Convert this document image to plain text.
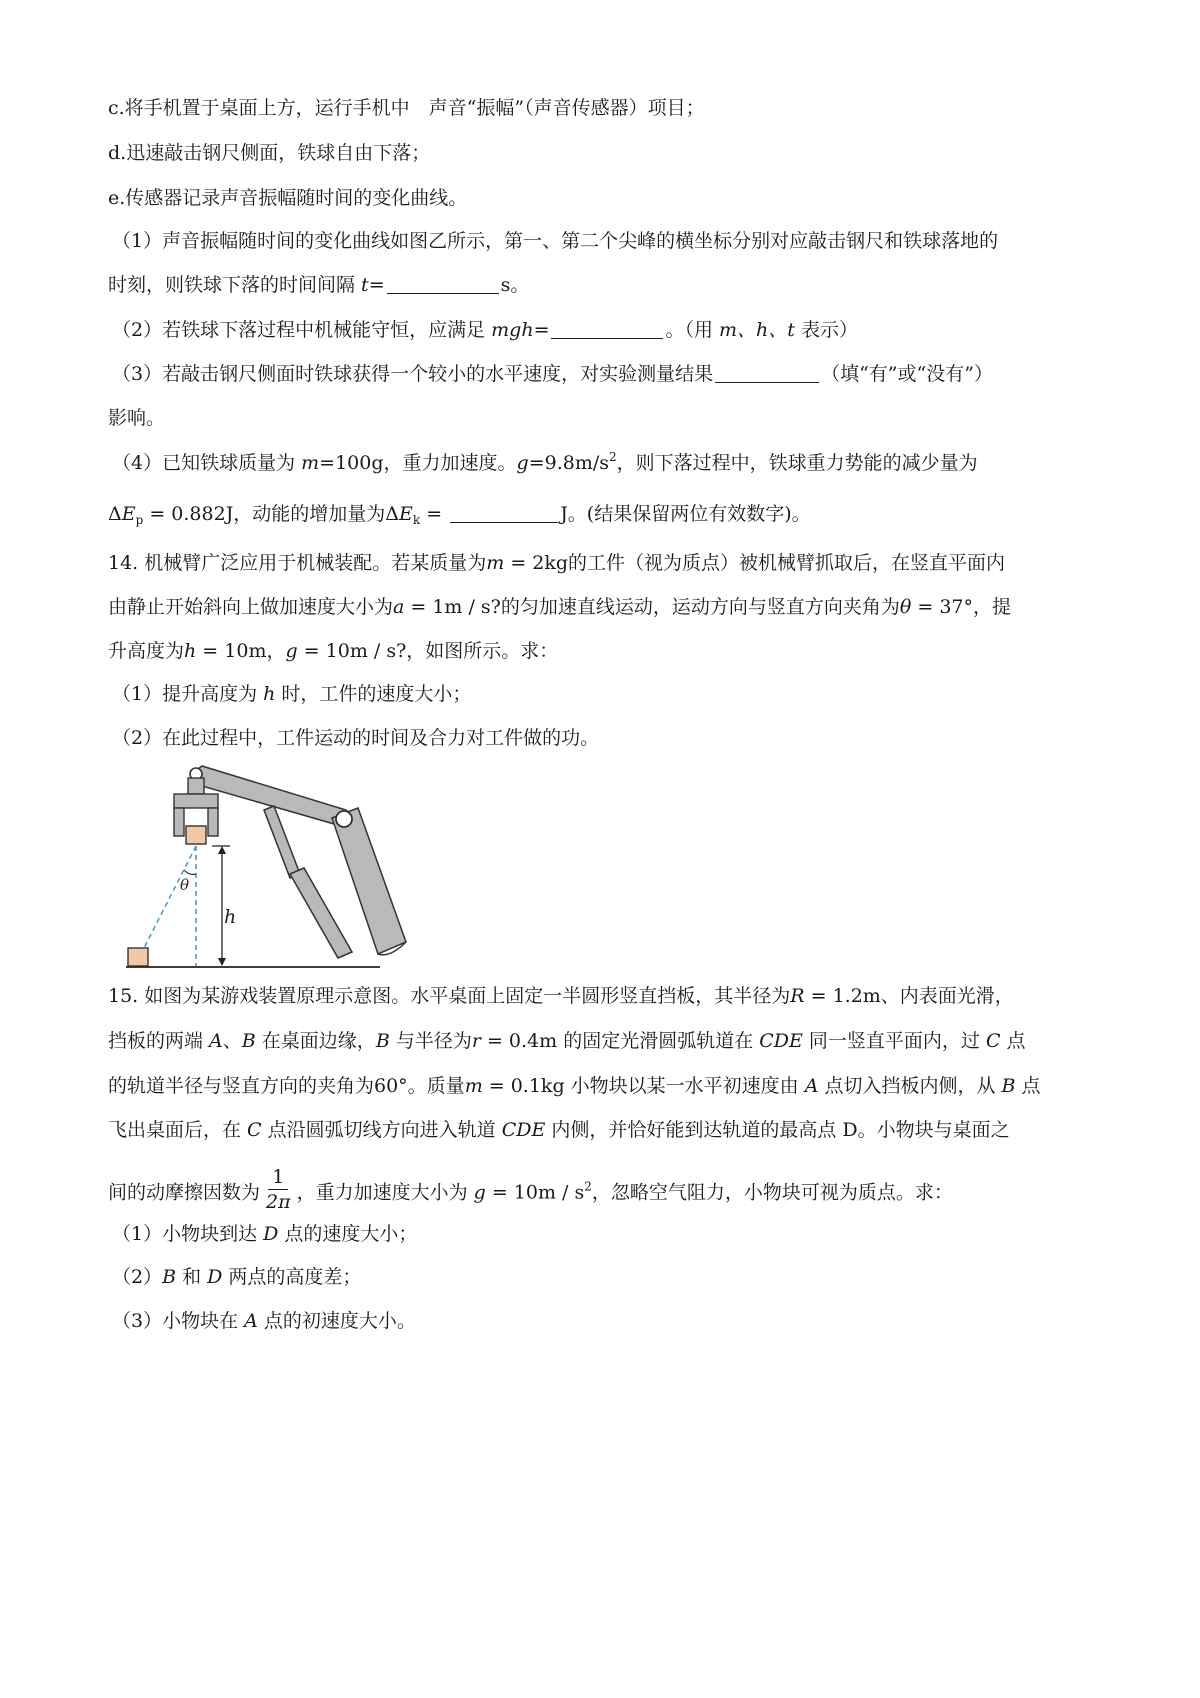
c.将手机置于桌面上方，运行手机中　声音“振幅”（声音传感器）项目；
d.迅速敲击钢尺侧面，铁球自由下落；
e.传感器记录声音振幅随时间的变化曲线。
（1）声音振幅随时间的变化曲线如图乙所示，第一、第二个尖峰的横坐标分别对应敲击钢尺和铁球落地的
时刻，则铁球下落的时间间隔 t=	s。
（2）若铁球下落过程中机械能守恒，应满足 mgh=	。（用 m、h、t 表示）
（3）若敲击钢尺侧面时铁球获得一个较小的水平速度，对实验测量结果	（填“有”或“没有”）
影响。
（4）已知铁球质量为 m=100g，重力加速度。$g=9.8m/s^2$，则下落过程中，铁球重力势能的减少量为
$\Delta E_p = 0.882J$，动能的增加量为$\Delta E_k$ =	J。(结果保留两位有效数字)。
14. 机械臂广泛应用于机械装配。若某质量为m = 2kg的工件（视为质点）被机械臂抓取后，在竖直平面内
由静止开始斜向上做加速度大小为a = 1m / s?的匀加速直线运动，运动方向与竖直方向夹角为θ = 37°，提
升高度为h = 10m，g = 10m / s?，如图所示。求：
（1）提升高度为 h 时，工件的速度大小；
（2）在此过程中，工件运动的时间及合力对工件做的功。
θ
h
15. 如图为某游戏装置原理示意图。水平桌面上固定一半圆形竖直挡板，其半径为R = 1.2m、内表面光滑，
挡板的两端 A、B 在桌面边缘，B 与半径为r = 0.4m 的固定光滑圆弧轨道在 CDE 同一竖直平面内，过 C 点
的轨道半径与竖直方向的夹角为60°。质量m = 0.1kg 小物块以某一水平初速度由 A 点切入挡板内侧，从 B 点
飞出桌面后，在 C 点沿圆弧切线方向进入轨道 CDE 内侧，并恰好能到达轨道的最高点 D。小物块与桌面之
间的动摩擦因数为 $\frac{1}{2\pi}$ ，重力加速度大小为 $g = 10m / s^2$，忽略空气阻力，小物块可视为质点。求：
（1）小物块到达 D 点的速度大小；
（2）B 和 D 两点的高度差；
（3）小物块在 A 点的初速度大小。
